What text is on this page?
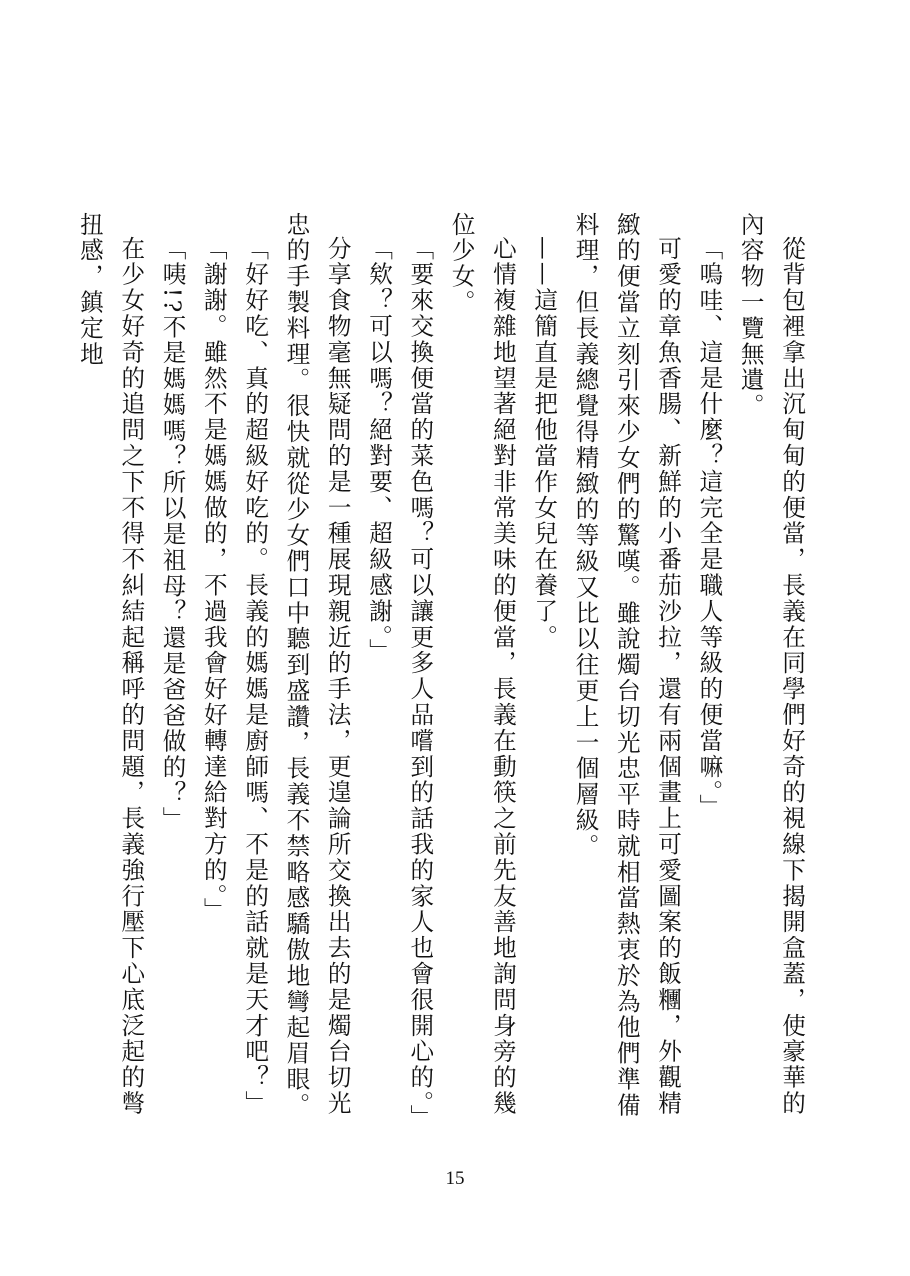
從背包裡拿出沉甸甸的便當，長義在同學們好奇的視線下揭開盒蓋，使豪華的內容物一覽無遺。

「嗚哇、這是什麼？這完全是職人等級的便當嘛。」

可愛的章魚香腸、新鮮的小番茄沙拉，還有兩個畫上可愛圖案的飯糰，外觀精緻的便當立刻引來少女們的驚嘆。雖說燭台切光忠平時就相當熱衷於為他們準備料理，但長義總覺得精緻的等級又比以往更上一個層級。

——這簡直是把他當作女兒在養了。

心情複雜地望著絕對非常美味的便當，長義在動筷之前先友善地詢問身旁的幾位少女。

「要來交換便當的菜色嗎？可以讓更多人品嚐到的話我的家人也會很開心的。」

「欸？可以嗎？絕對要、超級感謝。」

分享食物毫無疑問的是一種展現親近的手法，更遑論所交換出去的是燭台切光忠的手製料理。很快就從少女們口中聽到盛讚，長義不禁略感驕傲地彎起眉眼。

「好好吃、真的超級好吃的。長義的媽媽是廚師嗎、不是的話就是天才吧？」

「謝謝。雖然不是媽媽做的，不過我會好好轉達給對方的。」

「咦!?不是媽媽嗎？所以是祖母？還是爸爸做的？」

在少女好奇的追問之下不得不糾結起稱呼的問題，長義強行壓下心底泛起的彆扭感，鎮定地

15
